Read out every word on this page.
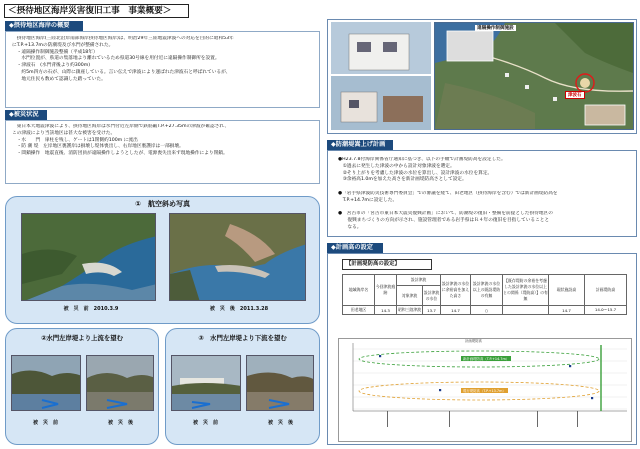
＜摂待地区海岸災害復旧工事　事業概要＞
◆摂待地区海岸の概要
　摂待地区海岸(三陸北沿岸南部海岸摂待地区海岸)は、明治29年三陸地震津波への対応を目的に昭和53年
にT.P.+13.7mの防潮堤及び水門が整備された。
　・遠隔操作制御施設整備（平成18年）
　　水門位置が、県道の集落地より離れているため県道30号線を用付近に遠隔操作制御所を設置。
　・津波石　(水門背後より約300m)
　　約5m四方の石が、山際に鎮座している。言い伝えで津波により運ばれた津波石と呼ばれているが、
　　地元住民も数めて認識した踏っていた。
◆被災状況
　東日本大地震津波により、摂待地区海岸は水門付近左岸側で鉄筋巌T.P.+27.35mの津波が確認され、
この津波により当該地区は甚大な被害を受けた。
　・水　　門　扉柱を残し、ゲートは1閉側約100m に流出
　・防 潮 堤　左岸地区裏護岸は損壊し堤体喪出し、右岸地区裏護岸は一部損壊。
　・間鎖操作　地震直後、消防団員が遠隔操作しようとしたが、電源喪失出来ず現地操作により閉鎖。
①　航空斜め写真
被　災　前　2010.3.9	被　災　後　2011.3.28
②水門左岸堤より上流を望む
被　災　前	被　災　後
③　水門左岸堤より下流を望む
被　災　前	被　災　後
遠隔操作制御施設
津波石
◆防潮堤嵩上げ計画
●H23.7.8付海岸関係省庁通知に基づき、以下の手順で計画堤防高を設定した。
　①過去に発生した津波の中から設計対象津波を選定。
　②そり上がりを考慮した津波の水位を算出し、設計津波の水位を算定。
　③余裕高1.0mを加えた高さを新計画堤防高さとして設定。
●「岩手県津波防災技術専門委員会」での審議を経て、田老地区（摂待海岸を含む）では新計画堤防高を
　T.P.+14.7mに設定した。
●　宮古市の「宮古市東日本大震災復興計画」において、防潮堤の復旧・整備を前提とした摂待地区の
　　復興まちづくりの方向が示され、施設管理者である岩手県はＲ４年の復旧を目指していることと
　　なる。
◆計画高の設定
【計画堤防高の設定】
地域海岸名	今回津波痕跡	設計津波		設計津波の水位に余裕高を加えた高さ	設計津波の水位以上の既設堤防の有無	【既存堤防の余裕を考慮した設計津波の水位以上との関係（堤防高）】の有無	現状施設高	計画堤防高
		対象津波	設計津波の水位					
田老地区	14.3	昭和三陸津波	13.7	14.7	○		14.7	14.0～15.7
計画堤防高
新計画堤防高（T.P.+14.7m）
現行堤防高（T.P.+13.7m）
